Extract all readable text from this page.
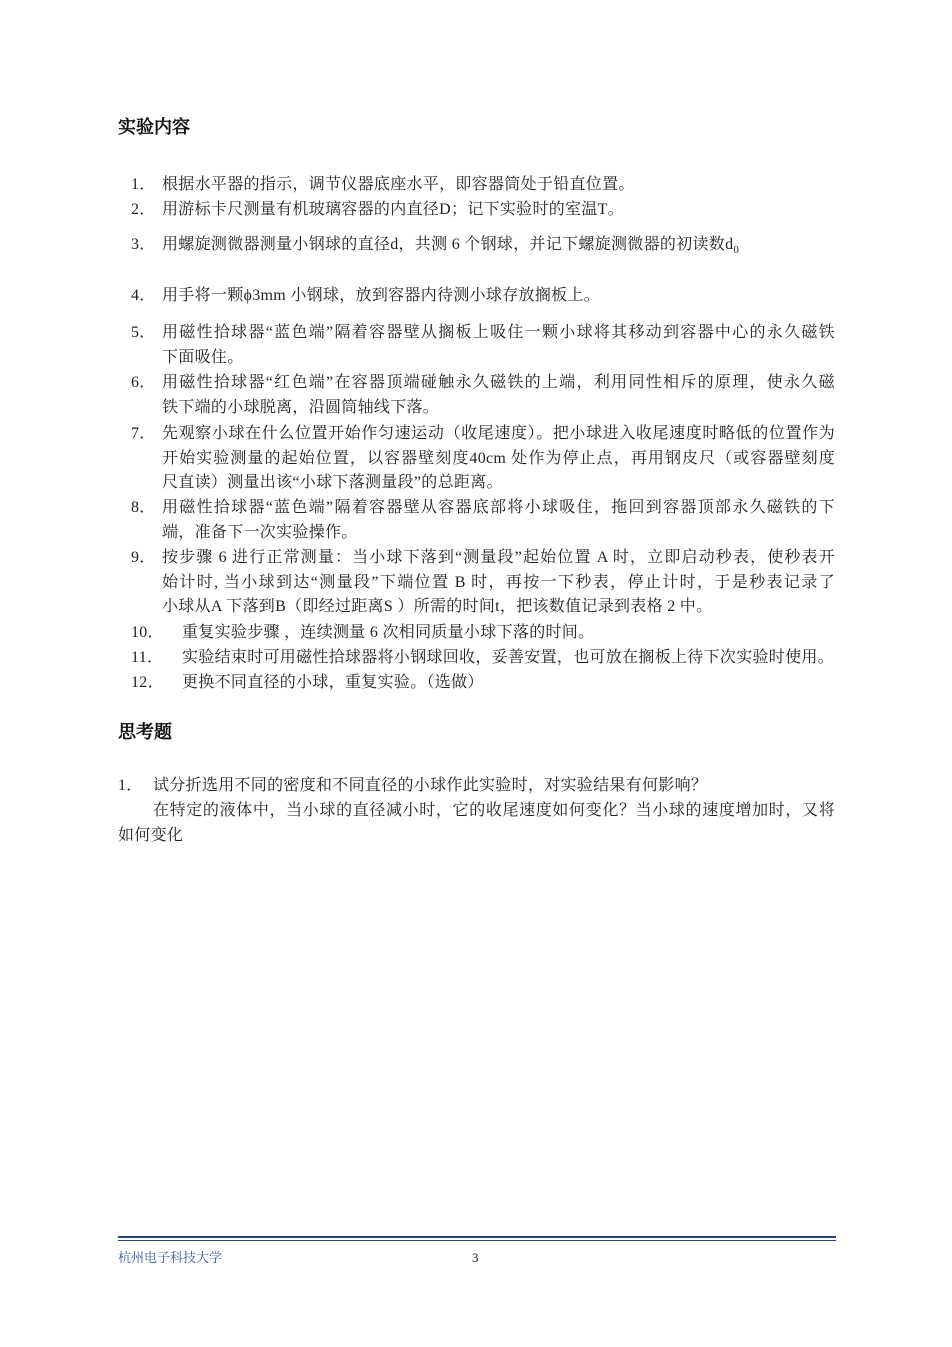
实验内容
1． 根据水平器的指示，调节仪器底座水平，即容器筒处于铅直位置。
2． 用游标卡尺测量有机玻璃容器的内直径D；记下实验时的室温T。
3． 用螺旋测微器测量小钢球的直径d，共测 6 个钢球，并记下螺旋测微器的初读数$d_0$
4． 用手将一颗ϕ3mm 小钢球，放到容器内待测小球存放搁板上。
5． 用磁性拾球器“蓝色端”隔着容器壁从搁板上吸住一颗小球将其移动到容器中心的永久磁铁
下面吸住。
6． 用磁性拾球器“红色端”在容器顶端碰触永久磁铁的上端，利用同性相斥的原理，使永久磁
铁下端的小球脱离，沿圆筒轴线下落。
7． 先观察小球在什么位置开始作匀速运动（收尾速度）。把小球进入收尾速度时略低的位置作为
开始实验测量的起始位置，以容器壁刻度40cm 处作为停止点，再用钢皮尺（或容器壁刻度
尺直读）测量出该“小球下落测量段”的总距离。
8． 用磁性拾球器“蓝色端”隔着容器壁从容器底部将小球吸住，拖回到容器顶部永久磁铁的下
端，准备下一次实验操作。
9． 按步骤 6 进行正常测量：当小球下落到“测量段”起始位置 A 时，立即启动秒表，使秒表开
始计时, 当小球到达“测量段”下端位置 B 时，再按一下秒表，停止计时，于是秒表记录了
小球从A 下落到B（即经过距离S ）所需的时间t，把该数值记录到表格 2 中。
10． 重复实验步骤 ，连续测量 6 次相同质量小球下落的时间。
11． 实验结束时可用磁性拾球器将小钢球回收，妥善安置，也可放在搁板上待下次实验时使用。
12． 更换不同直径的小球，重复实验。（选做）
思考题
1． 试分折选用不同的密度和不同直径的小球作此实验时，对实验结果有何影响？
在特定的液体中，当小球的直径减小时，它的收尾速度如何变化？当小球的速度增加时，又将
如何变化
杭州电子科技大学	3
